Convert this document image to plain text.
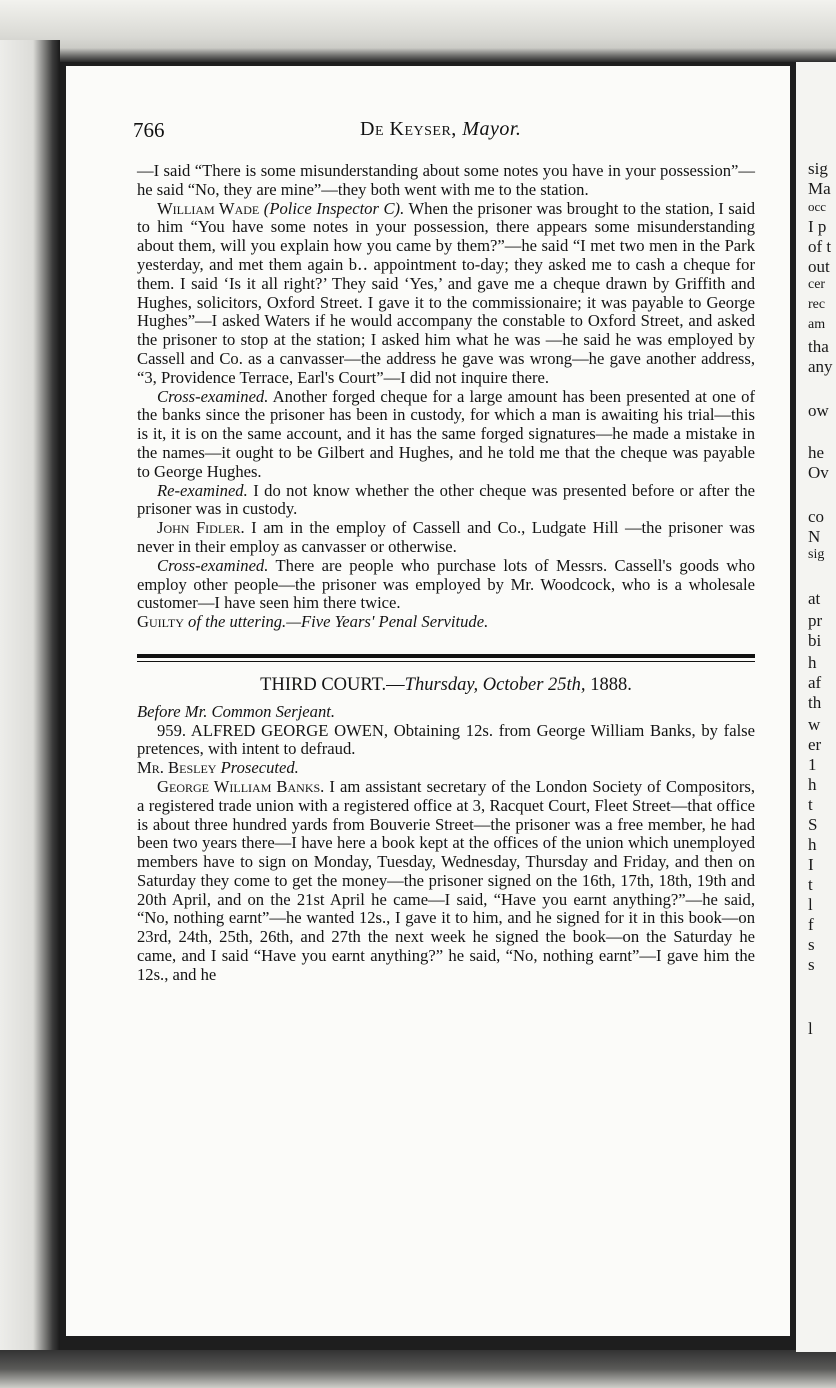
sig
Ma
occ
I p
of t
out
cer
rec
am
tha
any
ow
he
Ov
co
N
sig
at
pr
bi
h
af
th
w
er
1
h
t
S
h
I
t
l
f
s
s
l
766	De Keyser, Mayor.

—I said “There is some misunderstanding about some notes you have in your possession”—he said “No, they are mine”—they both went with me to the station.

William Wade (Police Inspector C). When the prisoner was brought to the station, I said to him “You have some notes in your possession, there appears some misunderstanding about them, will you explain how you came by them?”—he said “I met two men in the Park yesterday, and met them again b‥ appointment to-day; they asked me to cash a cheque for them. I said ‘Is it all right?’ They said ‘Yes,’ and gave me a cheque drawn by Griffith and Hughes, solicitors, Oxford Street. I gave it to the commissionaire; it was payable to George Hughes”—I asked Waters if he would accompany the constable to Oxford Street, and asked the prisoner to stop at the station; I asked him what he was —he said he was employed by Cassell and Co. as a canvasser—the address he gave was wrong—he gave another address, “3, Providence Terrace, Earl's Court”—I did not inquire there.

Cross-examined. Another forged cheque for a large amount has been presented at one of the banks since the prisoner has been in custody, for which a man is awaiting his trial—this is it, it is on the same account, and it has the same forged signatures—he made a mistake in the names—it ought to be Gilbert and Hughes, and he told me that the cheque was payable to George Hughes.

Re-examined. I do not know whether the other cheque was presented before or after the prisoner was in custody.

John Fidler. I am in the employ of Cassell and Co., Ludgate Hill —the prisoner was never in their employ as canvasser or otherwise.

Cross-examined. There are people who purchase lots of Messrs. Cassell's goods who employ other people—the prisoner was employed by Mr. Woodcock, who is a wholesale customer—I have seen him there twice.

Guilty of the uttering.—Five Years' Penal Servitude.

THIRD COURT.—Thursday, October 25th, 1888.

Before Mr. Common Serjeant.

959. ALFRED GEORGE OWEN, Obtaining 12s. from George William Banks, by false pretences, with intent to defraud.

Mr. Besley Prosecuted.

George William Banks. I am assistant secretary of the London Society of Compositors, a registered trade union with a registered office at 3, Racquet Court, Fleet Street—that office is about three hundred yards from Bouverie Street—the prisoner was a free member, he had been two years there—I have here a book kept at the offices of the union which unemployed members have to sign on Monday, Tuesday, Wednesday, Thursday and Friday, and then on Saturday they come to get the money—the prisoner signed on the 16th, 17th, 18th, 19th and 20th April, and on the 21st April he came—I said, “Have you earnt anything?”—he said, “No, nothing earnt”—he wanted 12s., I gave it to him, and he signed for it in this book—on 23rd, 24th, 25th, 26th, and 27th the next week he signed the book—on the Saturday he came, and I said “Have you earnt anything?” he said, “No, nothing earnt”—I gave him the 12s., and he
